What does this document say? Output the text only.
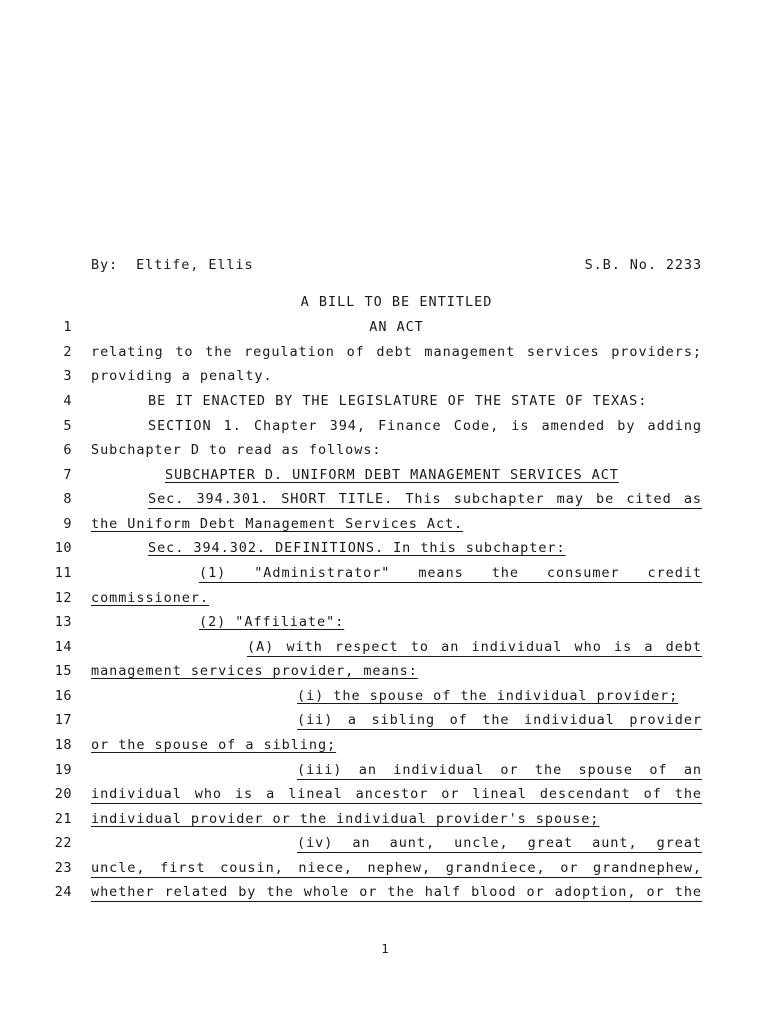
By:  Eltife, Ellis	S.B. No. 2233
A BILL TO BE ENTITLED
1	AN ACT
2 relating to the regulation of debt management services providers;
3 providing a penalty.
4	BE IT ENACTED BY THE LEGISLATURE OF THE STATE OF TEXAS:
5	SECTION 1. Chapter 394, Finance Code, is amended by adding
6 Subchapter D to read as follows:
7	SUBCHAPTER D. UNIFORM DEBT MANAGEMENT SERVICES ACT
8	Sec. 394.301. SHORT TITLE. This subchapter may be cited as
9 the Uniform Debt Management Services Act.
10	Sec. 394.302. DEFINITIONS. In this subchapter:
11	(1) "Administrator" means the consumer credit
12 commissioner.
13	(2) "Affiliate":
14	(A) with respect to an individual who is a debt
15 management services provider, means:
16	(i) the spouse of the individual provider;
17	(ii) a sibling of the individual provider
18 or the spouse of a sibling;
19	(iii) an individual or the spouse of an
20 individual who is a lineal ancestor or lineal descendant of the
21 individual provider or the individual provider's spouse;
22	(iv) an aunt, uncle, great aunt, great
23 uncle, first cousin, niece, nephew, grandniece, or grandnephew,
24 whether related by the whole or the half blood or adoption, or the
1
